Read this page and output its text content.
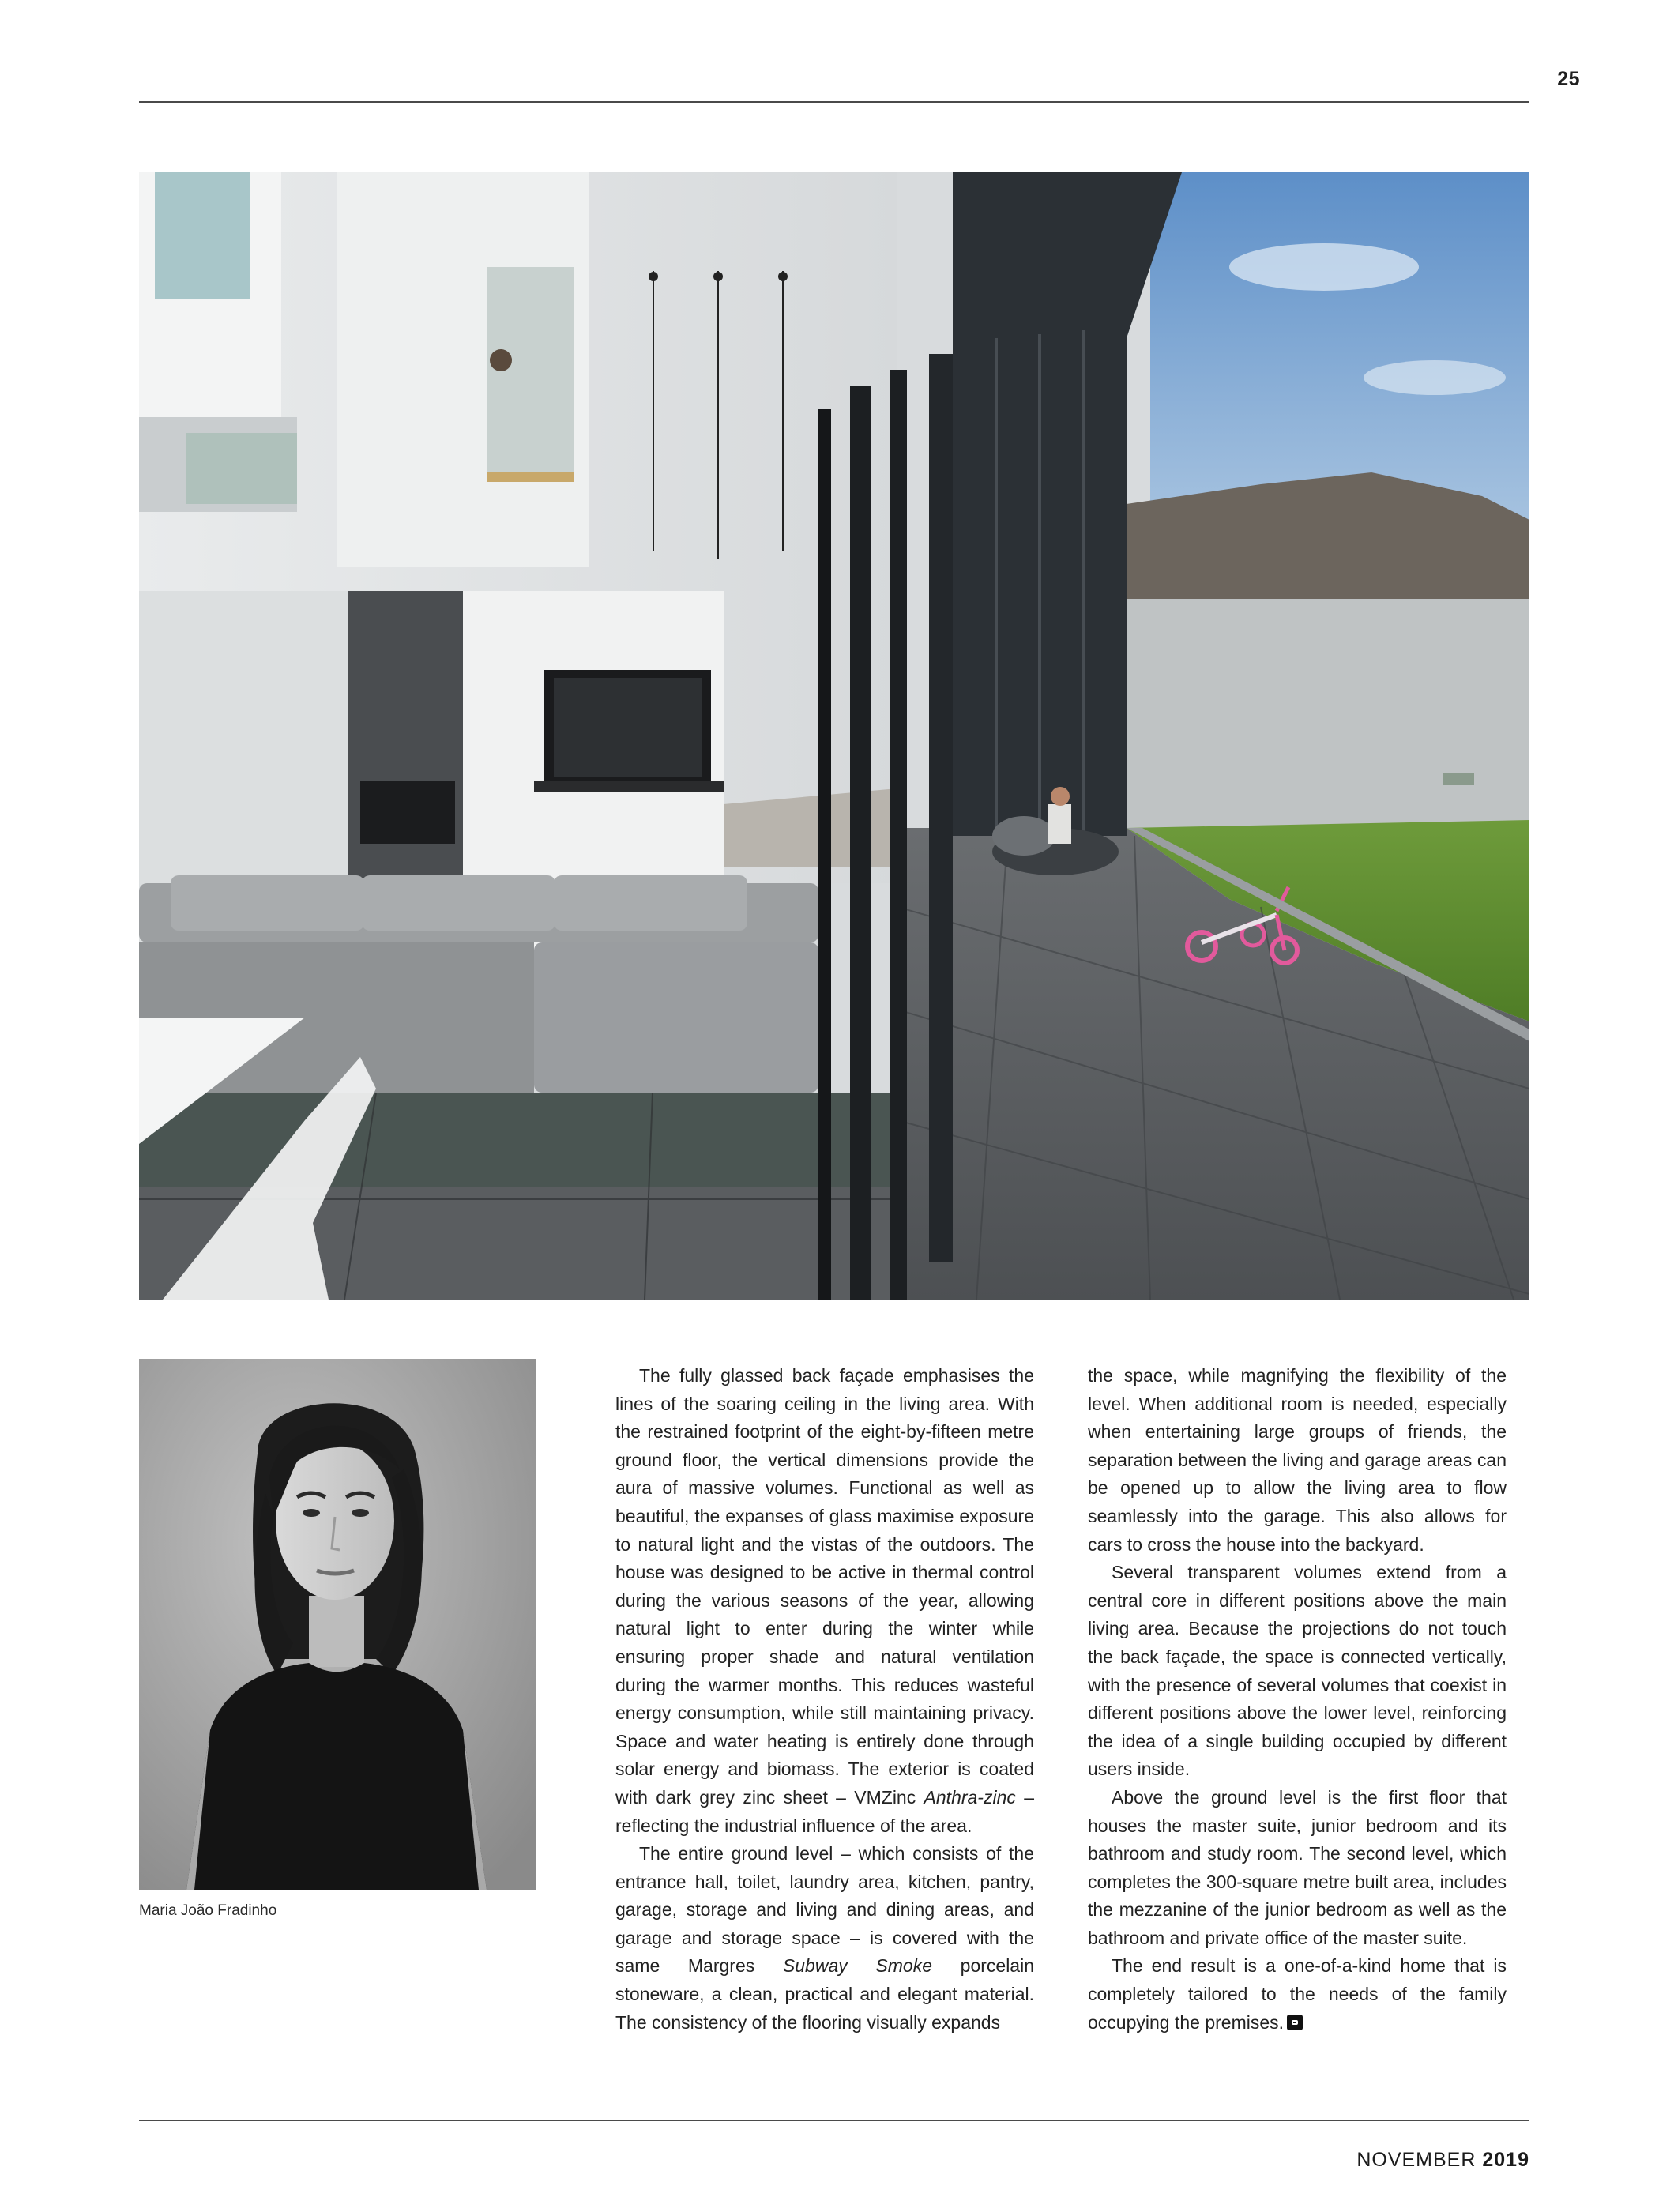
25
Maria João Fradinho

The fully glassed back façade emphasises the lines of the soaring ceiling in the living area. With the restrained footprint of the eight-by-fifteen metre ground floor, the vertical dimensions provide the aura of massive volumes. Functional as well as beautiful, the expanses of glass maximise exposure to natural light and the vistas of the outdoors. The house was designed to be active in thermal control during the various seasons of the year, allowing natural light to enter during the winter while ensuring proper shade and natural ventilation during the warmer months. This reduces wasteful energy consumption, while still maintaining privacy. Space and water heating is entirely done through solar energy and biomass. The exterior is coated with dark grey zinc sheet – VMZinc Anthra-zinc – reflecting the industrial influence of the area.

The entire ground level – which consists of the entrance hall, toilet, laundry area, kitchen, pantry, garage, storage and living and dining areas, and garage and storage space – is covered with the same Margres Subway Smoke porcelain stoneware, a clean, practical and elegant material. The consistency of the flooring visually expands

the space, while magnifying the flexibility of the level. When additional room is needed, especially when entertaining large groups of friends, the separation between the living and garage areas can be opened up to allow the living area to flow seamlessly into the garage. This also allows for cars to cross the house into the backyard.

Several transparent volumes extend from a central core in different positions above the main living area. Because the projections do not touch the back façade, the space is connected vertically, with the presence of several volumes that coexist in different positions above the lower level, reinforcing the idea of a single building occupied by different users inside.

Above the ground level is the first floor that houses the master suite, junior bedroom and its bathroom and study room. The second level, which completes the 300-square metre built area, includes the mezzanine of the junior bedroom as well as the bathroom and private office of the master suite.

The end result is a one-of-a-kind home that is completely tailored to the needs of the family occupying the premises.

NOVEMBER 2019
